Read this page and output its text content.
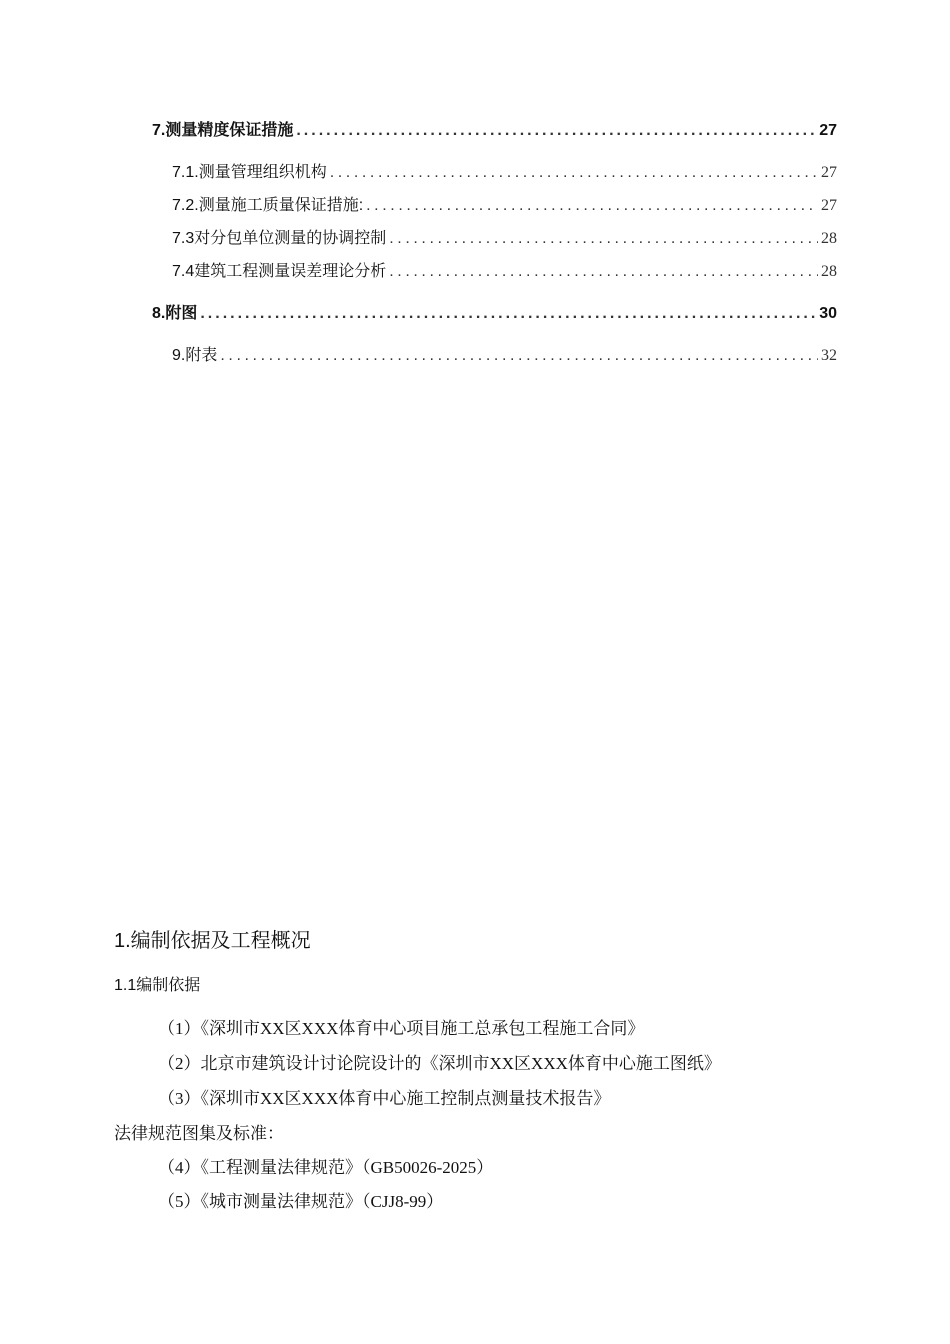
7.测量精度保证措施 .....	27
7.1.测量管理组织机构 .....	27
7.2.测量施工质量保证措施: .....	27
7.3对分包单位测量的协调控制 .....	28
7.4建筑工程测量误差理论分析 .....	28
8.附图 .....	30
9.附表 .....	32
1.编制依据及工程概况
1.1编制依据
（1）《深圳市XX区XXX体育中心项目施工总承包工程施工合同》
（2）北京市建筑设计讨论院设计的《深圳市XX区XXX体育中心施工图纸》
（3）《深圳市XX区XXX体育中心施工控制点测量技术报告》
法律规范图集及标准：
（4）《工程测量法律规范》（GB50026-2025）
（5）《城市测量法律规范》（CJJ8-99）
